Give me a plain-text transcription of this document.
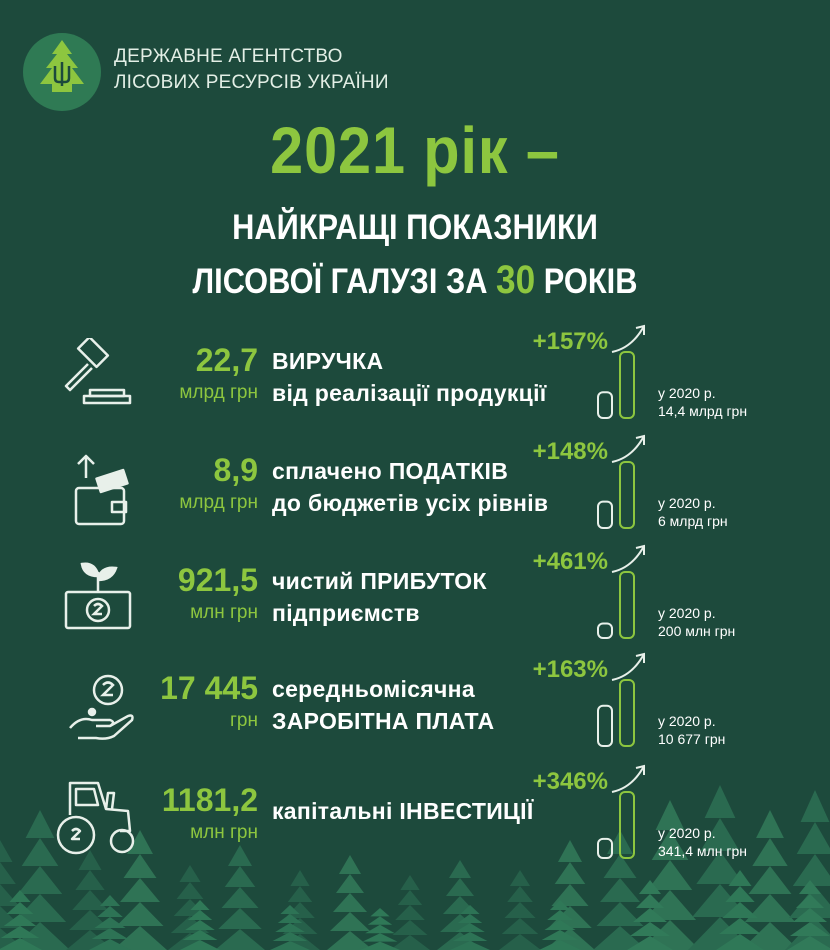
ДЕРЖАВНЕ АГЕНТСТВО
ЛІСОВИХ РЕСУРСІВ УКРАЇНИ
2021 рік –
НАЙКРАЩІ ПОКАЗНИКИ
ЛІСОВОЇ ГАЛУЗІ ЗА 30 РОКІВ
22,7
млрд грн
ВИРУЧКА
від реалізації продукції
+157%
у 2020 р.
14,4 млрд грн
8,9
млрд грн
сплачено ПОДАТКІВ
до бюджетів усіх рівнів
+148%
у 2020 р.
6 млрд грн
921,5
млн грн
чистий ПРИБУТОК
підприємств
+461%
у 2020 р.
200 млн грн
17 445
грн
середньомісячна
ЗАРОБІТНА ПЛАТА
+163%
у 2020 р.
10 677 грн
1181,2
млн грн
капітальні ІНВЕСТИЦІЇ
+346%
у 2020 р.
341,4 млн грн
